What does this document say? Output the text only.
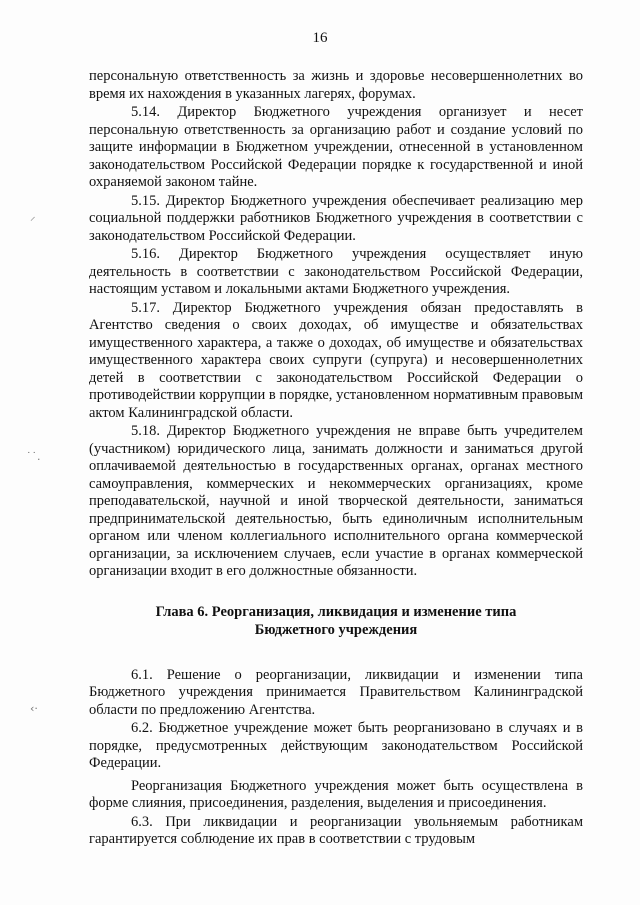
16
⸝
˙˙.
‹·

персональную ответственность за жизнь и здоровье несовершеннолетних во время их нахождения в указанных лагерях, форумах.

5.14. Директор Бюджетного учреждения организует и несет персональную ответственность за организацию работ и создание условий по защите информации в Бюджетном учреждении, отнесенной в установленном законодательством Российской Федерации порядке к государственной и иной охраняемой законом тайне.

5.15. Директор Бюджетного учреждения обеспечивает реализацию мер социальной поддержки работников Бюджетного учреждения в соответствии с законодательством Российской Федерации.

5.16. Директор Бюджетного учреждения осуществляет иную деятельность в соответствии с законодательством Российской Федерации, настоящим уставом и локальными актами Бюджетного учреждения.

5.17. Директор Бюджетного учреждения обязан предоставлять в Агентство сведения о своих доходах, об имуществе и обязательствах имущественного характера, а также о доходах, об имуществе и обязательствах имущественного характера своих супруги (супруга) и несовершеннолетних детей в соответствии с законодательством Российской Федерации о противодействии коррупции в порядке, установленном нормативным правовым актом Калининградской области.

5.18. Директор Бюджетного учреждения не вправе быть учредителем (участником) юридического лица, занимать должности и заниматься другой оплачиваемой деятельностью в государственных органах, органах местного самоуправления, коммерческих и некоммерческих организациях, кроме преподавательской, научной и иной творческой деятельности, заниматься предпринимательской деятельностью, быть единоличным исполнительным органом или членом коллегиального исполнительного органа коммерческой организации, за исключением случаев, если участие в органах коммерческой организации входит в его должностные обязанности.

Глава 6. Реорганизация, ликвидация и изменение типа
Бюджетного учреждения

6.1. Решение о реорганизации, ликвидации и изменении типа Бюджетного учреждения принимается Правительством Калининградской области по предложению Агентства.

6.2. Бюджетное учреждение может быть реорганизовано в случаях и в порядке, предусмотренных действующим законодательством Российской Федерации.

Реорганизация Бюджетного учреждения может быть осуществлена в форме слияния, присоединения, разделения, выделения и присоединения.

6.3. При ликвидации и реорганизации увольняемым работникам гарантируется соблюдение их прав в соответствии с трудовым
